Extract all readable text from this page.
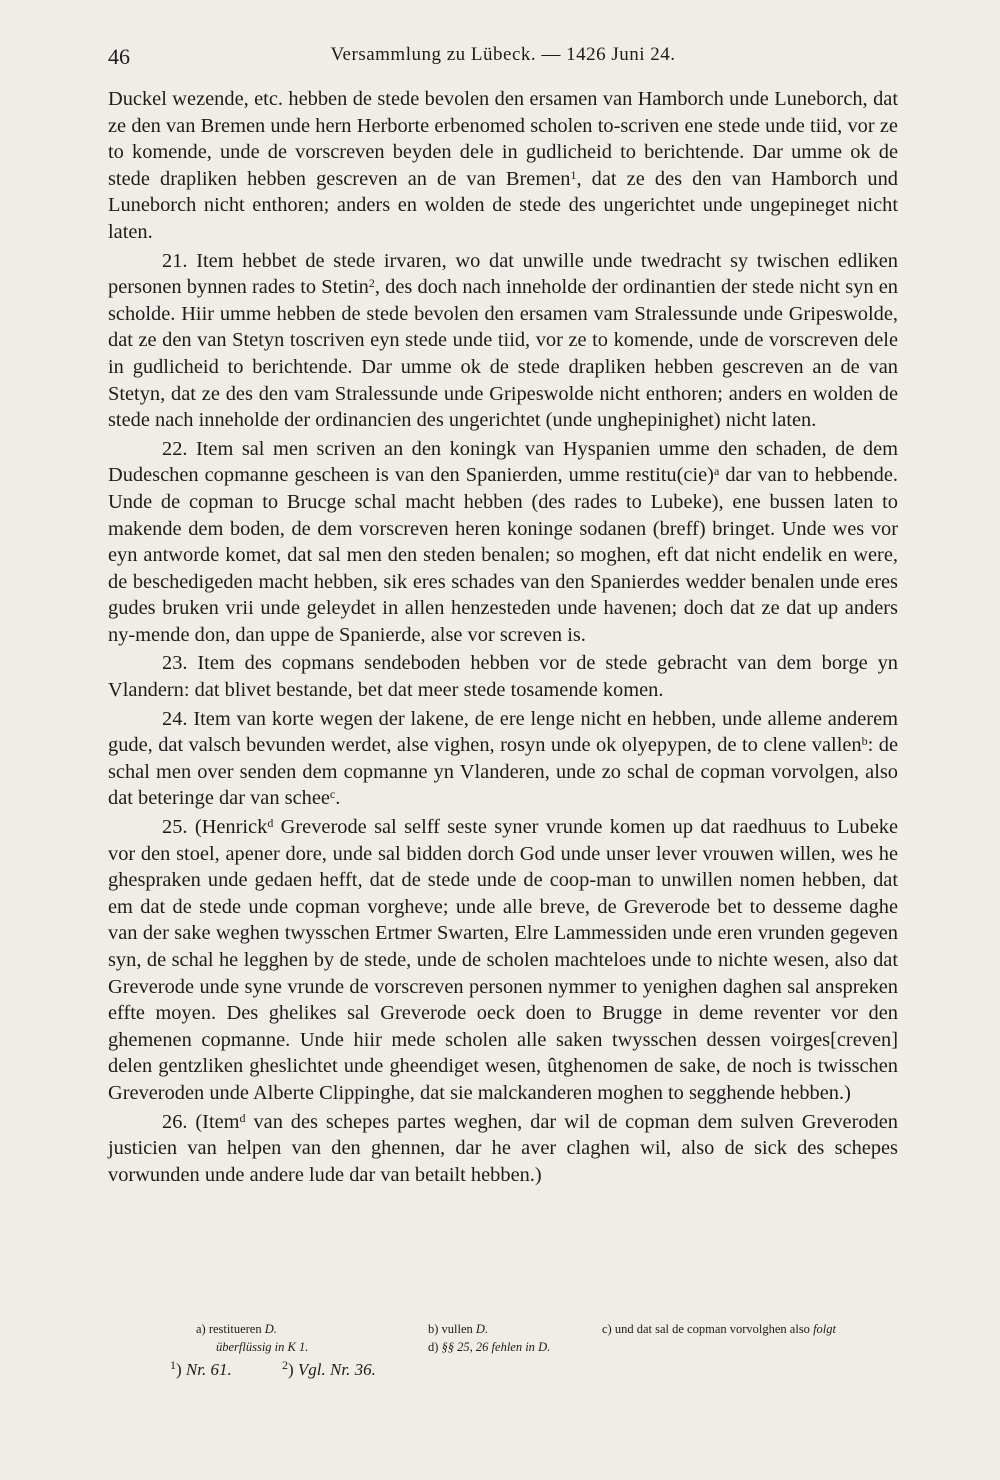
46	Versammlung zu Lübeck. — 1426 Juni 24.

Duckel wezende, etc. hebben de stede bevolen den ersamen van Hamborch unde Luneborch, dat ze den van Bremen unde hern Herborte erbenomed scholen to-scriven ene stede unde tiid, vor ze to komende, unde de vorscreven beyden dele in gudlicheid to berichtende. Dar umme ok de stede drapliken hebben gescreven an de van Bremen$^1$, dat ze des den van Hamborch und Luneborch nicht enthoren; anders en wolden de stede des ungerichtet unde ungepineget nicht laten.

21. Item hebbet de stede irvaren, wo dat unwille unde twedracht sy twischen edliken personen bynnen rades to Stetin$^2$, des doch nach inneholde der ordinantien der stede nicht syn en scholde. Hiir umme hebben de stede bevolen den ersamen vam Stralessunde unde Gripeswolde, dat ze den van Stetyn toscriven eyn stede unde tiid, vor ze to komende, unde de vorscreven dele in gudlicheid to berichtende. Dar umme ok de stede drapliken hebben gescreven an de van Stetyn, dat ze des den vam Stralessunde unde Gripeswolde nicht enthoren; anders en wolden de stede nach inneholde der ordinancien des ungerichtet (unde unghepinighet) nicht laten.

22. Item sal men scriven an den koningk van Hyspanien umme den schaden, de dem Dudeschen copmanne gescheen is van den Spanierden, umme restitu(cie)$^a$ dar van to hebbende. Unde de copman to Brucge schal macht hebben (des rades to Lubeke), ene bussen laten to makende dem boden, de dem vorscreven heren koninge sodanen (breff) bringet. Unde wes vor eyn antworde komet, dat sal men den steden benalen; so moghen, eft dat nicht endelik en were, de beschedigeden macht hebben, sik eres schades van den Spanierdes wedder benalen unde eres gudes bruken vrii unde geleydet in allen henzesteden unde havenen; doch dat ze dat up anders ny-mende don, dan uppe de Spanierde, alse vor screven is.

23. Item des copmans sendeboden hebben vor de stede gebracht van dem borge yn Vlandern: dat blivet bestande, bet dat meer stede tosamende komen.

24. Item van korte wegen der lakene, de ere lenge nicht en hebben, unde alleme anderem gude, dat valsch bevunden werdet, alse vighen, rosyn unde ok olyepypen, de to clene vallen$^b$: de schal men over senden dem copmanne yn Vlanderen, unde zo schal de copman vorvolgen, also dat beteringe dar van schee$^c$.

25. (Henrick$^d$ Greverode sal selff seste syner vrunde komen up dat raedhuus to Lubeke vor den stoel, apener dore, unde sal bidden dorch God unde unser lever vrouwen willen, wes he ghespraken unde gedaen hefft, dat de stede unde de coop-man to unwillen nomen hebben, dat em dat de stede unde copman vorgheve; unde alle breve, de Greverode bet to desseme daghe van der sake weghen twysschen Ertmer Swarten, Elre Lammessiden unde eren vrunden gegeven syn, de schal he legghen by de stede, unde de scholen machteloes unde to nichte wesen, also dat Greverode unde syne vrunde de vorscreven personen nymmer to yenighen daghen sal anspreken effte moyen. Des ghelikes sal Greverode oeck doen to Brugge in deme reventer vor den ghemenen copmanne. Unde hiir mede scholen alle saken twysschen dessen voirges[creven] delen gentzliken gheslichtet unde gheendiget wesen, ûtghenomen de sake, de noch is twisschen Greveroden unde Alberte Clippinghe, dat sie malckanderen moghen to segghende hebben.)

26. (Item$^d$ van des schepes partes weghen, dar wil de copman dem sulven Greveroden justicien van helpen van den ghennen, dar he aver claghen wil, also de sick des schepes vorwunden unde andere lude dar van betailt hebben.)

a) restitueren D.	b) vullen D.	c) und dat sal de copman vorvolghen also folgt
überflüssig in K 1.	d) §§ 25, 26 fehlen in D.
$^1$) Nr. 61.	$^2$) Vgl. Nr. 36.
